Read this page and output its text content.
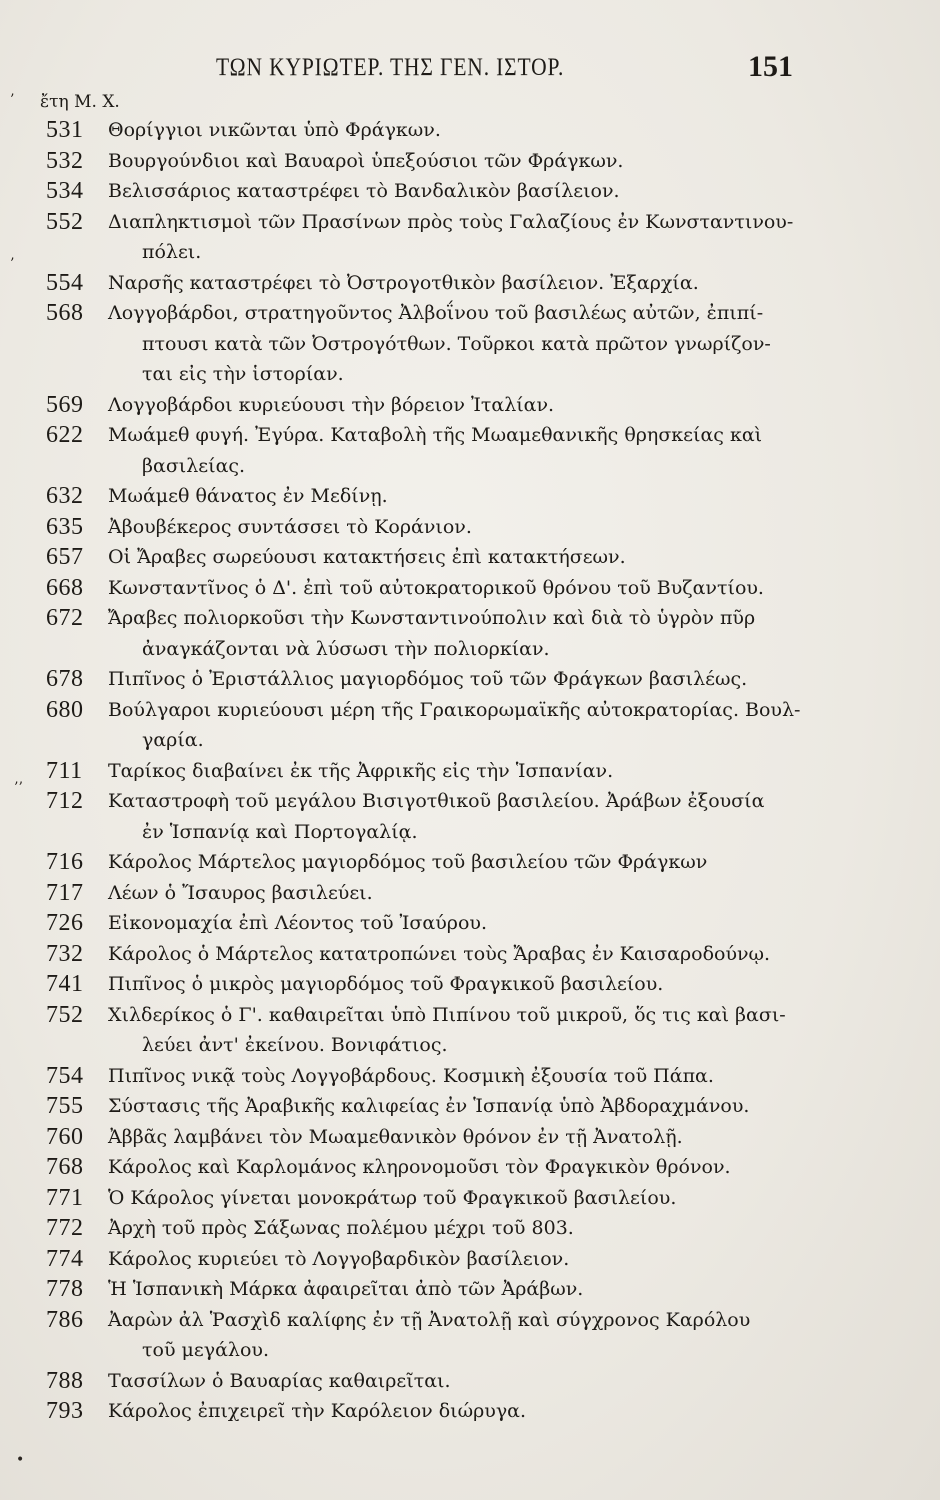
ΤΩΝ ΚΥΡΙΩΤΕΡ. ΤΗΣ ΓΕΝ. ΙΣΤΟΡ.	151
ἔτη Μ. Χ.
531 Θορίγγιοι νικῶνται ὑπὸ Φράγκων.
532 Βουργούνδιοι καὶ Βαυαροὶ ὑπεξούσιοι τῶν Φράγκων.
534 Βελισσάριος καταστρέφει τὸ Βανδαλικὸν βασίλειον.
552 Διαπληκτισμοὶ τῶν Πρασίνων πρὸς τοὺς Γαλαζίους ἐν Κωνσταντινου-
πόλει.
554 Ναρσῆς καταστρέφει τὸ Ὀστρογοτθικὸν βασίλειον. Ἐξαρχία.
568 Λογγοβάρδοι, στρατηγοῦντος Ἀλβοΐνου τοῦ βασιλέως αὐτῶν, ἐπιπί-
πτουσι κατὰ τῶν Ὀστρογότθων. Τοῦρκοι κατὰ πρῶτον γνωρίζον-
ται εἰς τὴν ἱστορίαν.
569 Λογγοβάρδοι κυριεύουσι τὴν βόρειον Ἰταλίαν.
622 Μωάμεθ φυγή. Ἐγύρα. Καταβολὴ τῆς Μωαμεθανικῆς θρησκείας καὶ
βασιλείας.
632 Μωάμεθ θάνατος ἐν Μεδίνῃ.
635 Ἀβουβέκερος συντάσσει τὸ Κοράνιον.
657 Οἱ Ἄραβες σωρεύουσι κατακτήσεις ἐπὶ κατακτήσεων.
668 Κωνσταντῖνος ὁ Δ'. ἐπὶ τοῦ αὐτοκρατορικοῦ θρόνου τοῦ Βυζαντίου.
672 Ἄραβες πολιορκοῦσι τὴν Κωνσταντινούπολιν καὶ διὰ τὸ ὑγρὸν πῦρ
ἀναγκάζονται νὰ λύσωσι τὴν πολιορκίαν.
678 Πιπῖνος ὁ Ἐριστάλλιος μαγιορδόμος τοῦ τῶν Φράγκων βασιλέως.
680 Βούλγαροι κυριεύουσι μέρη τῆς Γραικορωμαϊκῆς αὐτοκρατορίας. Βουλ-
γαρία.
711 Ταρίκος διαβαίνει ἐκ τῆς Ἀφρικῆς εἰς τὴν Ἱσπανίαν.
712 Καταστροφὴ τοῦ μεγάλου Βισιγοτθικοῦ βασιλείου. Ἀράβων ἐξουσία
ἐν Ἱσπανίᾳ καὶ Πορτογαλίᾳ.
716 Κάρολος Μάρτελος μαγιορδόμος τοῦ βασιλείου τῶν Φράγκων
717 Λέων ὁ Ἴσαυρος βασιλεύει.
726 Εἰκονομαχία ἐπὶ Λέοντος τοῦ Ἰσαύρου.
732 Κάρολος ὁ Μάρτελος κατατροπώνει τοὺς Ἄραβας ἐν Καισαροδούνῳ.
741 Πιπῖνος ὁ μικρὸς μαγιορδόμος τοῦ Φραγκικοῦ βασιλείου.
752 Χιλδερίκος ὁ Γ'. καθαιρεῖται ὑπὸ Πιπίνου τοῦ μικροῦ, ὅς τις καὶ βασι-
λεύει ἀντ' ἐκείνου. Βονιφάτιος.
754 Πιπῖνος νικᾷ τοὺς Λογγοβάρδους. Κοσμικὴ ἐξουσία τοῦ Πάπα.
755 Σύστασις τῆς Ἀραβικῆς καλιφείας ἐν Ἱσπανίᾳ ὑπὸ Ἀβδοραχμάνου.
760 Ἀββᾶς λαμβάνει τὸν Μωαμεθανικὸν θρόνον ἐν τῇ Ἀνατολῇ.
768 Κάρολος καὶ Καρλομάνος κληρονομοῦσι τὸν Φραγκικὸν θρόνον.
771 Ὁ Κάρολος γίνεται μονοκράτωρ τοῦ Φραγκικοῦ βασιλείου.
772 Ἀρχὴ τοῦ πρὸς Σάξωνας πολέμου μέχρι τοῦ 803.
774 Κάρολος κυριεύει τὸ Λογγοβαρδικὸν βασίλειον.
778 Ἡ Ἱσπανικὴ Μάρκα ἀφαιρεῖται ἀπὸ τῶν Ἀράβων.
786 Ἀαρὼν ἀλ Ῥασχὶδ καλίφης ἐν τῇ Ἀνατολῇ καὶ σύγχρονος Καρόλου
τοῦ μεγάλου.
788 Τασσίλων ὁ Βαυαρίας καθαιρεῖται.
793 Κάρολος ἐπιχειρεῖ τὴν Καρόλειον διώρυγα.
’
’
’’
•
